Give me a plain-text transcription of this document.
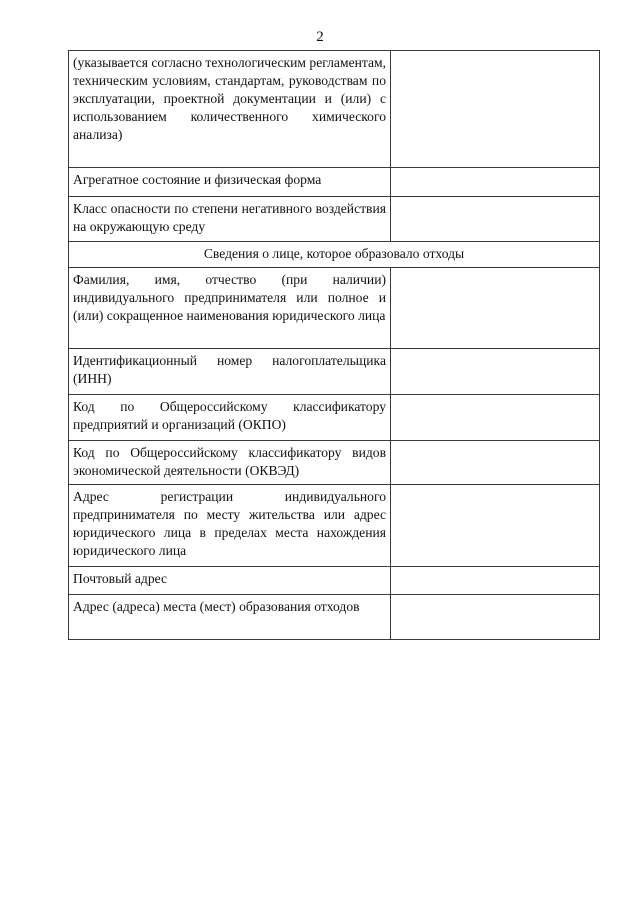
2
(указывается согласно технологическим регламентам, техническим условиям, стандартам, руководствам по эксплуатации, проектной документации и (или) с использованием количественного химического анализа)	
Агрегатное состояние и физическая форма	
Класс опасности по степени негативного воздействия на окружающую среду	
Сведения о лице, которое образовало отходы	
Фамилия, имя, отчество (при наличии) индивидуального предпринимателя или полное и (или) сокращенное наименования юридического лица	
Идентификационный номер налогоплательщика (ИНН)	
Код по Общероссийскому классификатору предприятий и организаций (ОКПО)	
Код по Общероссийскому классификатору видов экономической деятельности (ОКВЭД)	
Адрес регистрации индивидуального предпринимателя по месту жительства или адрес юридического лица в пределах места нахождения юридического лица	
Почтовый адрес	
Адрес (адреса) места (мест) образования отходов	
